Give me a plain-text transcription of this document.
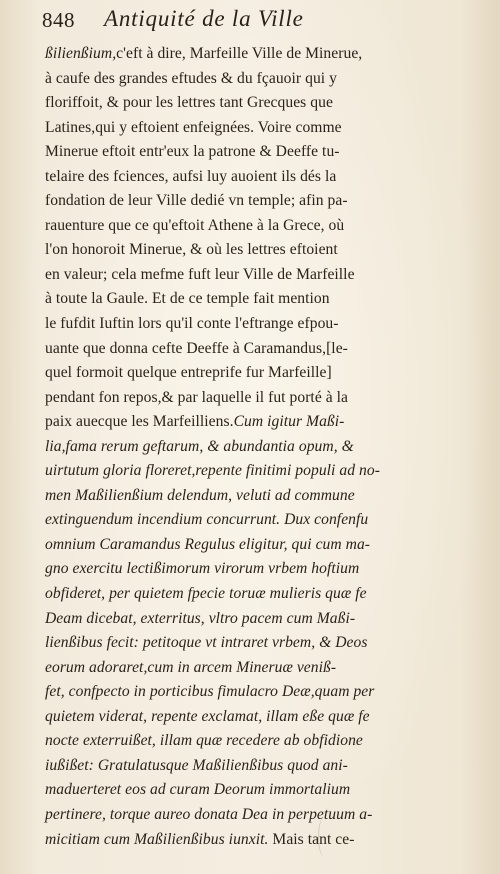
848 Antiquité de la Ville
ßilienßium,c'eft à dire, Marfeille Ville de Minerue,
à caufe des grandes eftudes & du fçauoir qui y
floriffoit, & pour les lettres tant Grecques que
Latines,qui y eftoient enfeignées. Voire comme
Minerue eftoit entr'eux la patrone & Deeffe tu-
telaire des fciences, aufsi luy auoient ils dés la
fondation de leur Ville dedié vn temple; afin pa-
rauenture que ce qu'eftoit Athene à la Grece, où
l'on honoroit Minerue, & où les lettres eftoient
en valeur; cela mefme fuft leur Ville de Marfeille
à toute la Gaule. Et de ce temple fait mention
le fufdit Iuftin lors qu'il conte l'eftrange efpou-
uante que donna cefte Deeffe à Caramandus,[le-
quel formoit quelque entreprife fur Marfeille]
pendant fon repos,& par laquelle il fut porté à la
paix auecque les Marfeilliens.Cum igitur Maßi-
lia,fama rerum geftarum, & abundantia opum, &
uirtutum gloria floreret,repente finitimi populi ad no-
men Maßilienßium delendum, veluti ad commune
extinguendum incendium concurrunt. Dux confenfu
omnium Caramandus Regulus eligitur, qui cum ma-
gno exercitu lectißimorum virorum vrbem hoftium
obfideret, per quietem fpecie toruæ mulieris quæ fe
Deam dicebat, exterritus, vltro pacem cum Maßi-
lienßibus fecit: petitoque vt intraret vrbem, & Deos
eorum adoraret,cum in arcem Mineruæ veniß-
fet, confpecto in porticibus fimulacro Deæ,quam per
quietem viderat, repente exclamat, illam eße quæ fe
nocte exterruißet, illam quæ recedere ab obfidione
iußißet: Gratulatusque Maßilienßibus quod ani-
maduerteret eos ad curam Deorum immortalium
pertinere, torque aureo donata Dea in perpetuum a-
micitiam cum Maßilienßibus iunxit. Mais tant ce-
